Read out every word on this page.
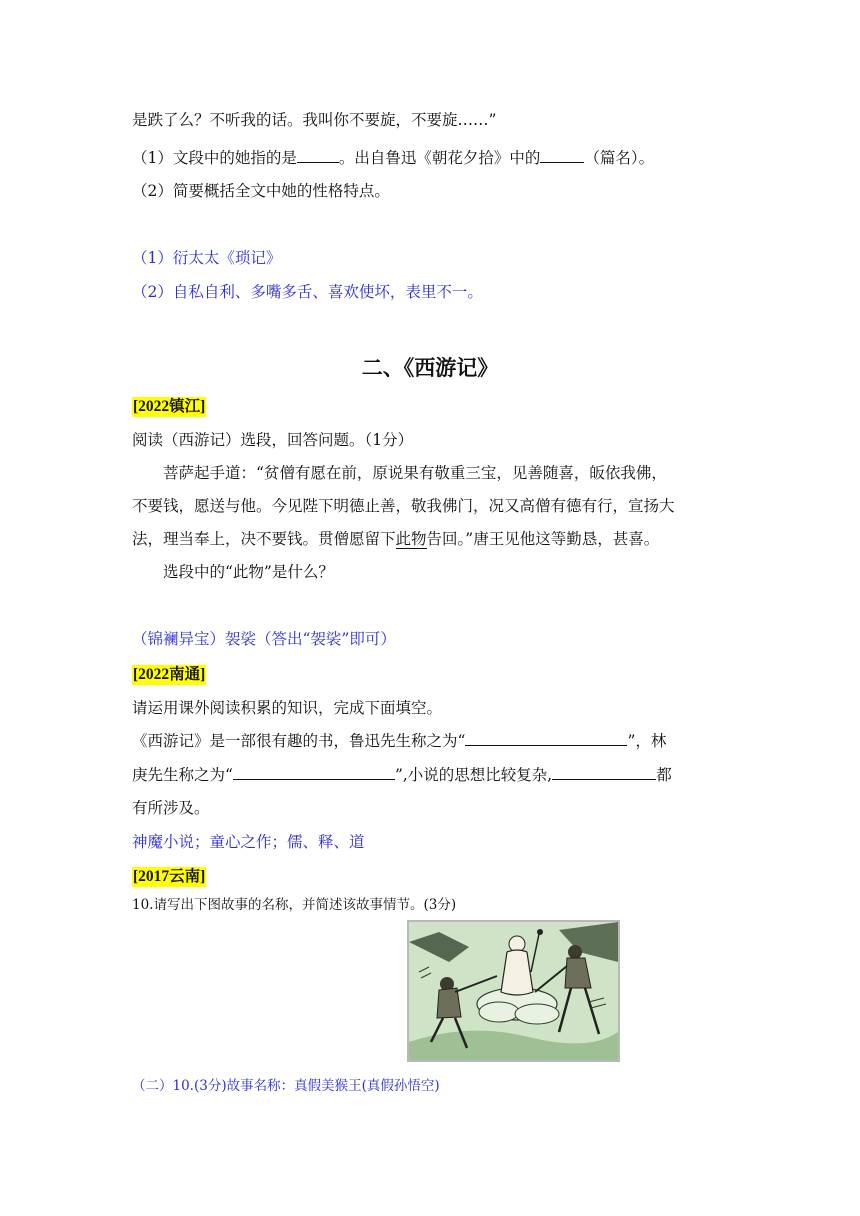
是跌了么？不听我的话。我叫你不要旋，不要旋……”
（1）文段中的她指的是	。出自鲁迅《朝花夕拾》中的	（篇名）。
（2）简要概括全文中她的性格特点。
（1）衍太太《琐记》
（2）自私自利、多嘴多舌、喜欢使坏，表里不一。
二、《西游记》
[2022镇江]
阅读（西游记）选段，回答问题。（1分）
菩萨起手道：“贫僧有愿在前，原说果有敬重三宝，见善随喜，皈依我佛，
不要钱，愿送与他。今见陛下明德止善，敬我佛门，况又高僧有德有行，宣扬大
法，理当奉上，决不要钱。贯僧愿留下此物告回。”唐王见他这等勤恳，甚喜。
选段中的“此物”是什么？
（锦襕异宝）袈裟（答出“袈裟”即可）
[2022南通]
请运用课外阅读积累的知识，完成下面填空。
《西游记》是一部很有趣的书，鲁迅先生称之为“	”，林
庚先生称之为“	”,小说的思想比较复杂,	都
有所涉及。
神魔小说；童心之作；儒、释、道
[2017云南]
10.请写出下图故事的名称，并简述该故事情节。(3分)
（二）10.(3分)故事名称：真假美猴王(真假孙悟空)
